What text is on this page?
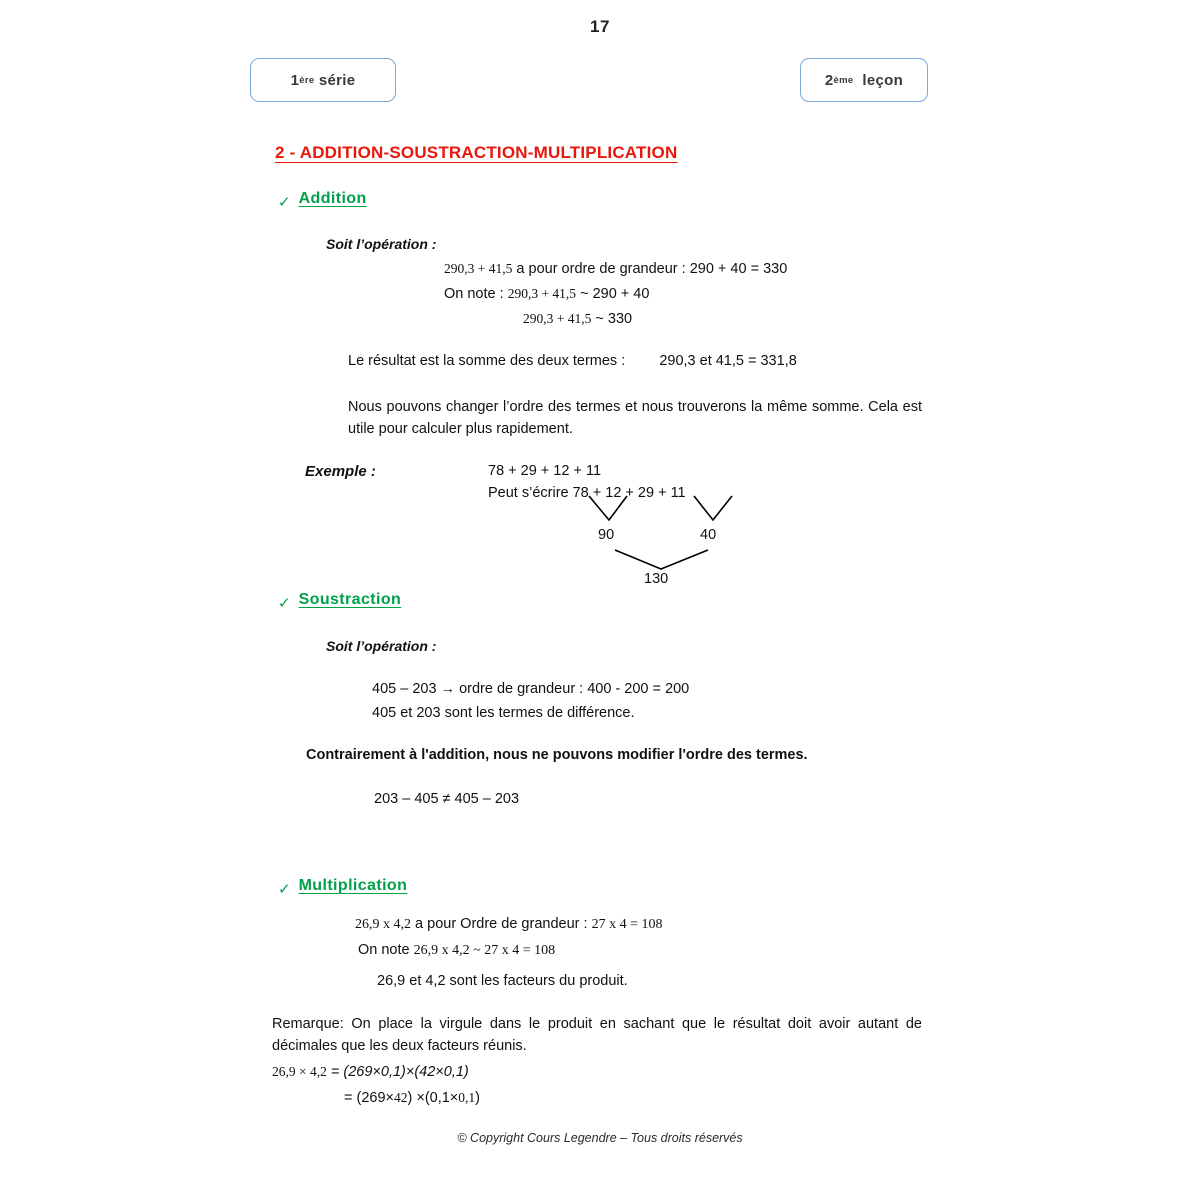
17
1 ère
série	2 ème
leçon
2 - ADDITION-SOUSTRACTION-MULTIPLICATION
✓ Addition
Soit l’opération :
290,3 + 41,5 a pour ordre de grandeur : 290 + 40 = 330
On note : 290,3 + 41,5 ~ 290 + 40
290,3 + 41,5 ~ 330
Le résultat est la somme des deux termes : 290,3 et 41,5 = 331,8
Nous pouvons changer l’ordre des termes et nous trouverons la même somme. Cela est utile pour calculer plus rapidement.
Exemple :	78 + 29 + 12 + 11
Peut s’écrire 78 + 12 + 29 + 11
90	40
130
✓ Soustraction
Soit l’opération :
405 – 203 → ordre de grandeur : 400 - 200 = 200
405 et 203 sont les termes de différence.
Contrairement à l'addition, nous ne pouvons modifier l'ordre des termes.
203 – 405 ≠ 405 – 203
✓ Multiplication
26,9 x 4,2 a pour Ordre de grandeur : 27 x 4 = 108
On note 26,9 x 4,2 ~ 27 x 4 = 108
26,9 et 4,2 sont les facteurs du produit.
Remarque: On place la virgule dans le produit en sachant que le résultat doit avoir autant de décimales que les deux facteurs réunis.
26,9 × 4,2 = (269×0,1)×(42×0,1)
= (269×42) ×(0,1×0,1)
© Copyright Cours Legendre – Tous droits réservés
